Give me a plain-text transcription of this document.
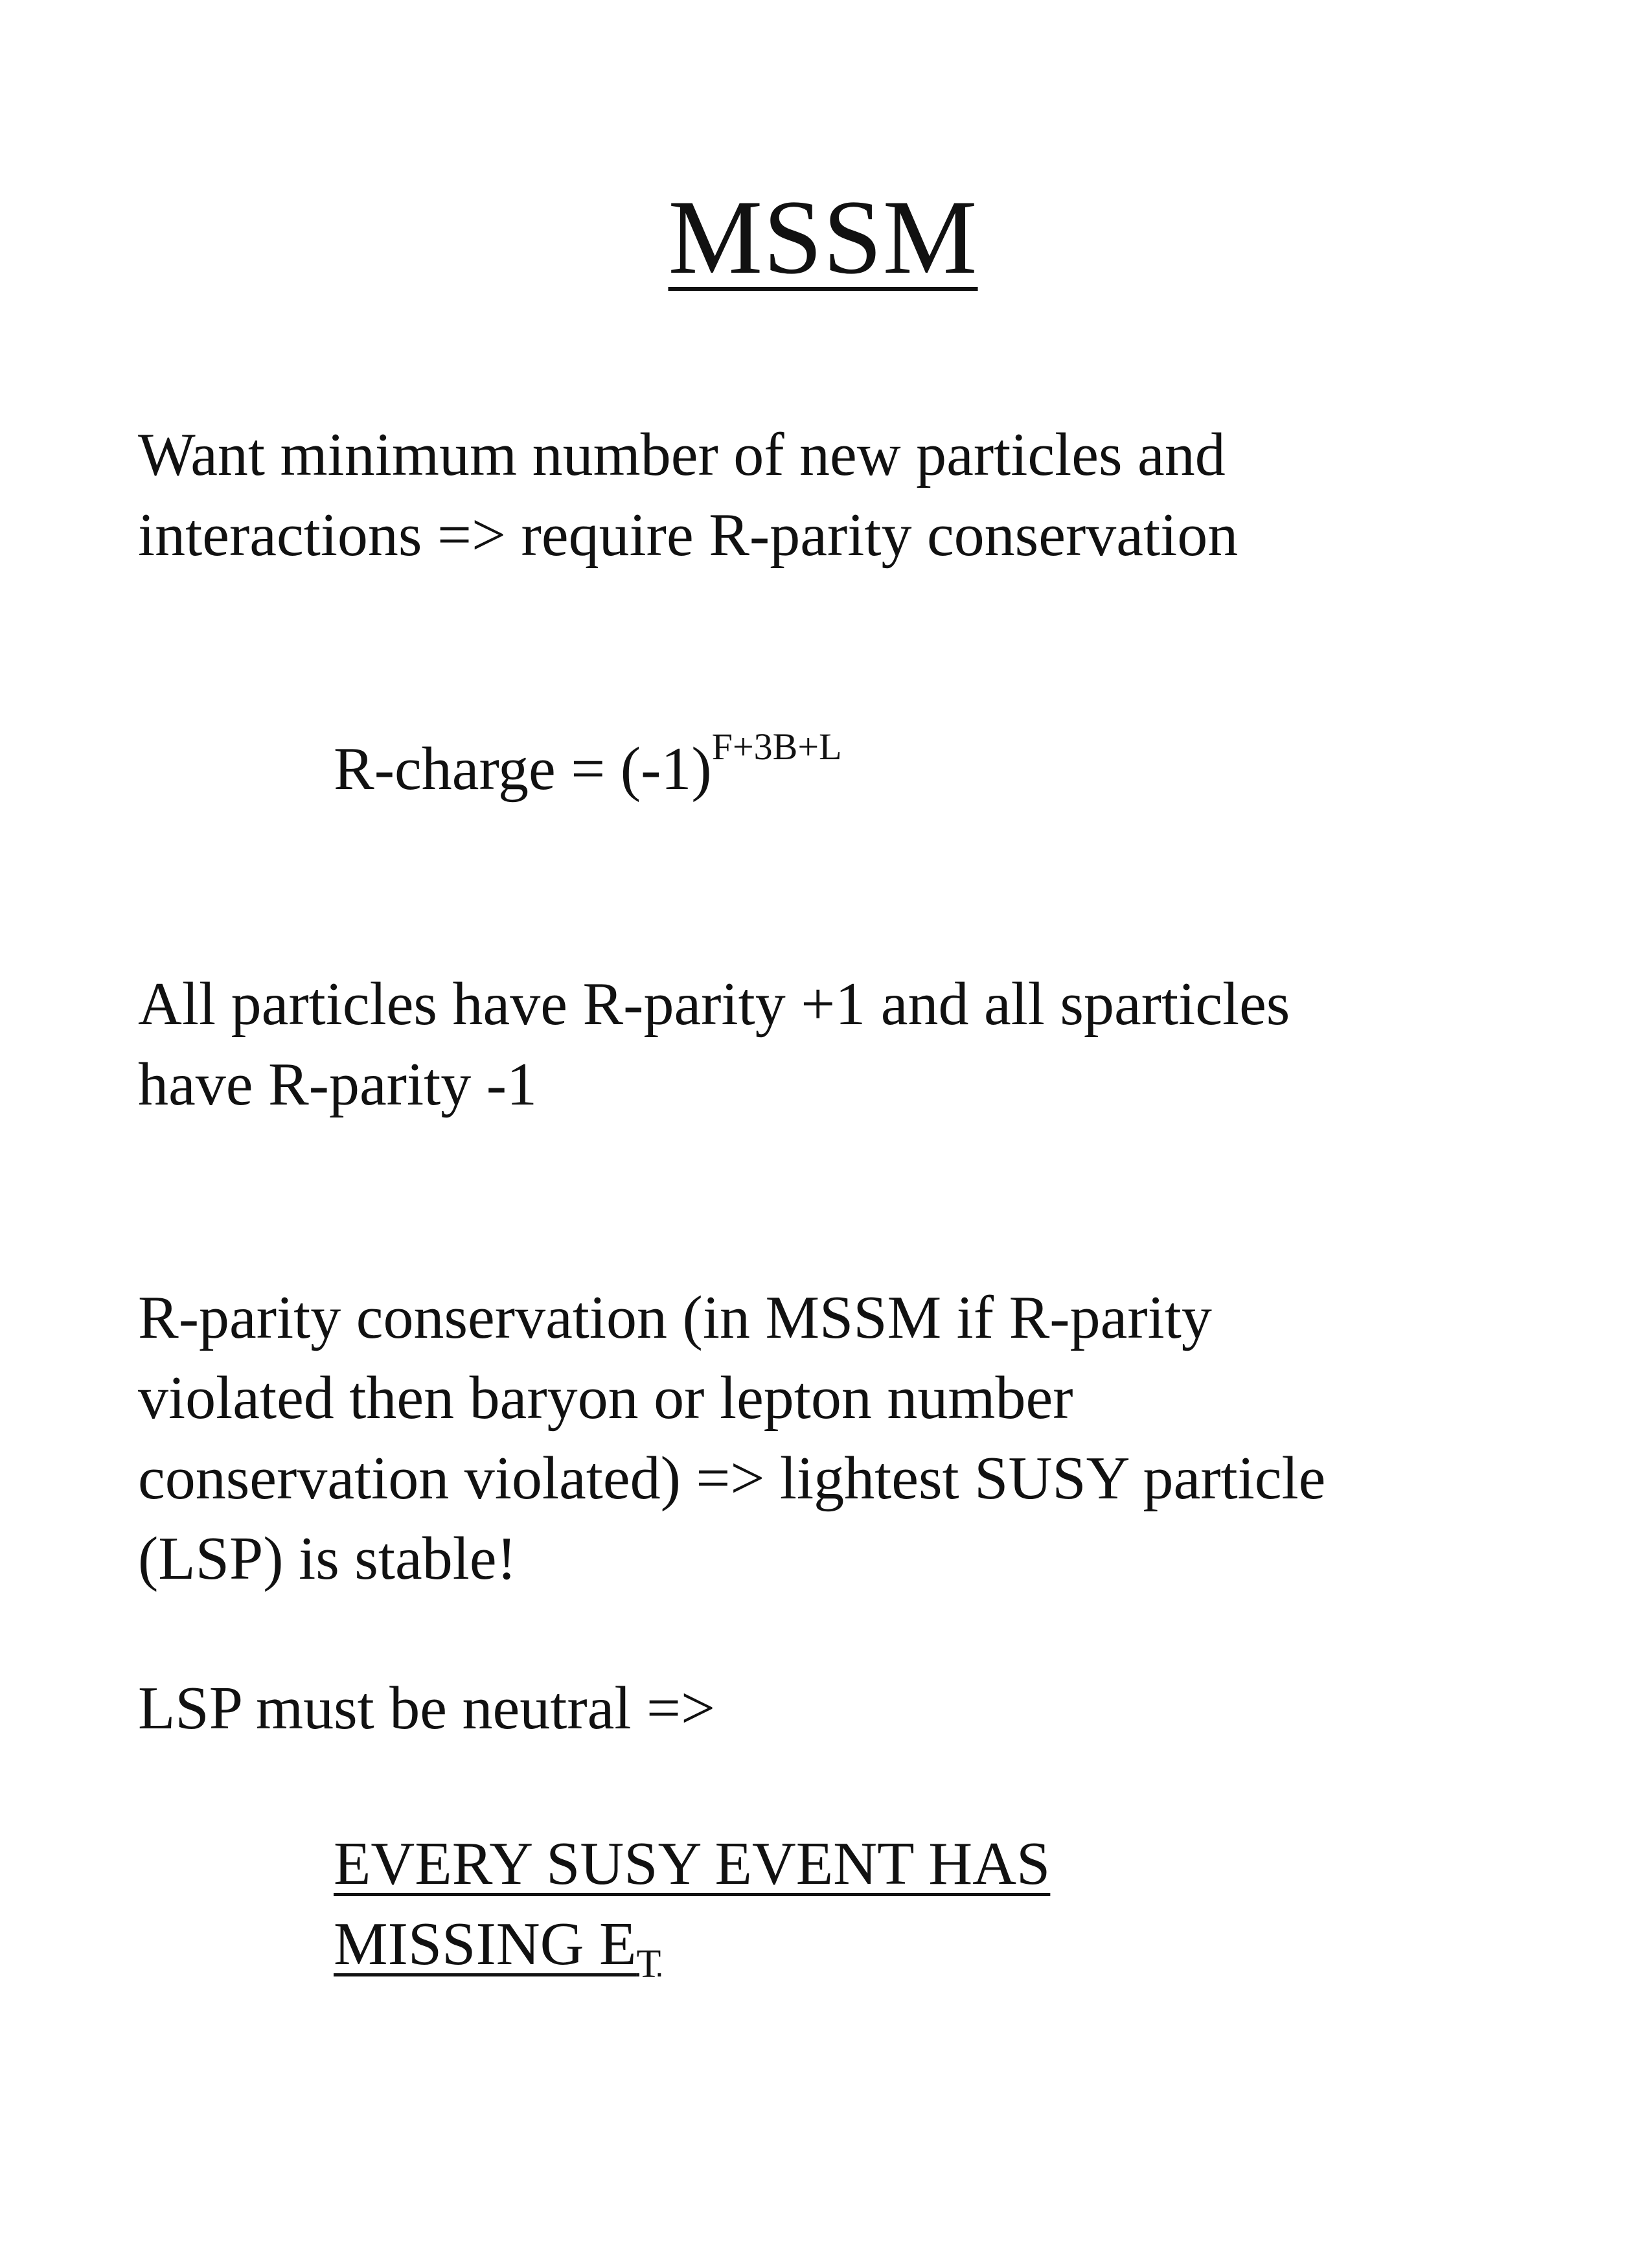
MSSM

Want minimum number of new particles and
interactions => require R-parity conservation

R-charge = $(-1)^{F+3B+L}$

All particles have R-parity +1 and all sparticles
have R-parity -1

R-parity conservation (in MSSM if R-parity
violated then baryon or lepton number
conservation violated) => lightest SUSY particle
(LSP) is stable!

LSP must be neutral =>

EVERY SUSY EVENT HAS
MISSING $E_T$
